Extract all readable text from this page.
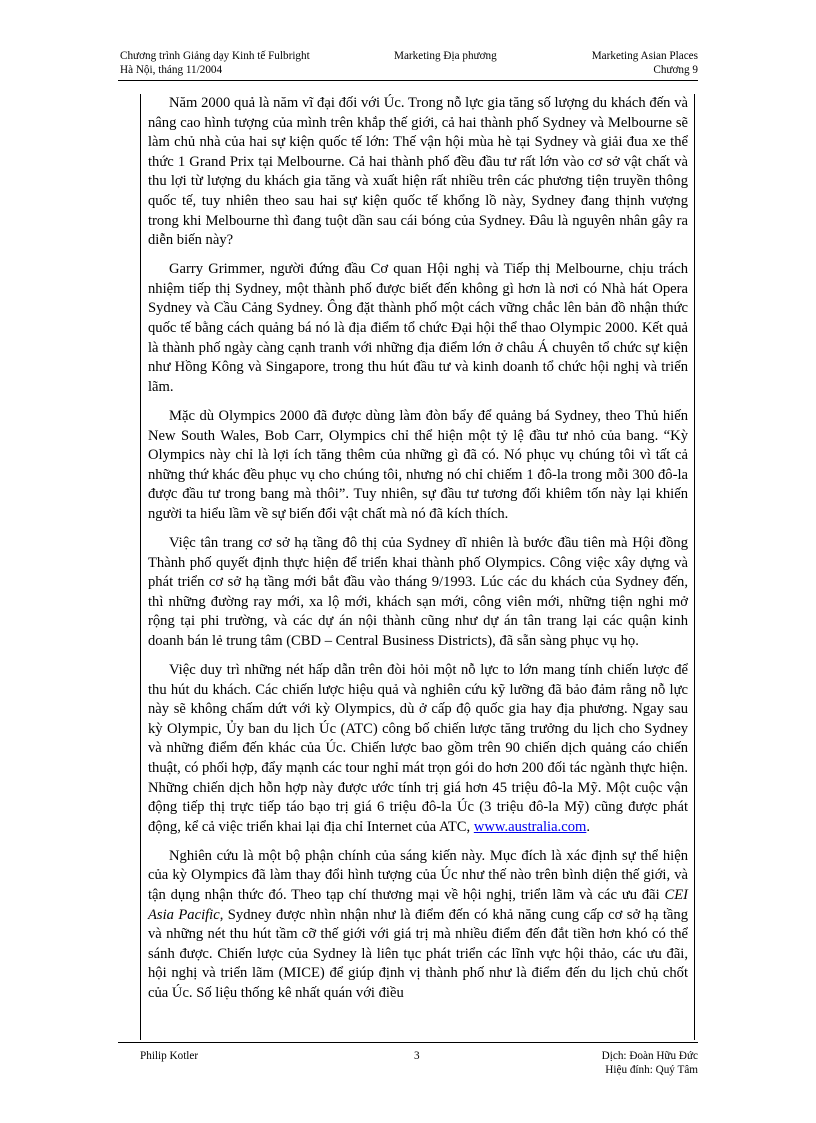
Chương trình Giảng dạy Kinh tế Fulbright
Hà Nội, tháng 11/2004
Marketing Địa phương	Marketing Asian Places
Chương 9

Năm 2000 quả là năm vĩ đại đối với Úc. Trong nỗ lực gia tăng số lượng du khách đến và nâng cao hình tượng của mình trên khắp thế giới, cả hai thành phố Sydney và Melbourne sẽ làm chủ nhà của hai sự kiện quốc tế lớn: Thế vận hội mùa hè tại Sydney và giải đua xe thể thức 1 Grand Prix tại Melbourne. Cả hai thành phố đều đầu tư rất lớn vào cơ sở vật chất và thu lợi từ lượng du khách gia tăng và xuất hiện rất nhiều trên các phương tiện truyền thông quốc tế, tuy nhiên theo sau hai sự kiện quốc tế khổng lồ này, Sydney đang thịnh vượng trong khi Melbourne thì đang tuột dần sau cái bóng của Sydney. Đâu là nguyên nhân gây ra diễn biến này?

Garry Grimmer, người đứng đầu Cơ quan Hội nghị và Tiếp thị Melbourne, chịu trách nhiệm tiếp thị Sydney, một thành phố được biết đến không gì hơn là nơi có Nhà hát Opera Sydney và Cầu Cảng Sydney. Ông đặt thành phố một cách vững chắc lên bản đồ nhận thức quốc tế bằng cách quảng bá nó là địa điểm tổ chức Đại hội thể thao Olympic 2000. Kết quả là thành phố ngày càng cạnh tranh với những địa điểm lớn ở châu Á chuyên tổ chức sự kiện như Hồng Kông và Singapore, trong thu hút đầu tư và kinh doanh tổ chức hội nghị và triển lãm.

Mặc dù Olympics 2000 đã được dùng làm đòn bẩy để quảng bá Sydney, theo Thủ hiến New South Wales, Bob Carr, Olympics chỉ thể hiện một tỷ lệ đầu tư nhỏ của bang. “Kỳ Olympics này chỉ là lợi ích tăng thêm của những gì đã có. Nó phục vụ chúng tôi vì tất cả những thứ khác đều phục vụ cho chúng tôi, nhưng nó chỉ chiếm 1 đô-la trong mỗi 300 đô-la được đầu tư trong bang mà thôi”. Tuy nhiên, sự đầu tư tương đối khiêm tốn này lại khiến người ta hiểu lầm về sự biến đổi vật chất mà nó đã kích thích.

Việc tân trang cơ sở hạ tầng đô thị của Sydney dĩ nhiên là bước đầu tiên mà Hội đồng Thành phố quyết định thực hiện để triển khai thành phố Olympics. Công việc xây dựng và phát triển cơ sở hạ tầng mới bắt đầu vào tháng 9/1993. Lúc các du khách của Sydney đến, thì những đường ray mới, xa lộ mới, khách sạn mới, công viên mới, những tiện nghi mở rộng tại phi trường, và các dự án nội thành cũng như dự án tân trang lại các quận kinh doanh bán lẻ trung tâm (CBD – Central Business Districts), đã sẵn sàng phục vụ họ.

Việc duy trì những nét hấp dẫn trên đòi hỏi một nỗ lực to lớn mang tính chiến lược để thu hút du khách. Các chiến lược hiệu quả và nghiên cứu kỹ lưỡng đã bảo đảm rằng nỗ lực này sẽ không chấm dứt với kỳ Olympics, dù ở cấp độ quốc gia hay địa phương. Ngay sau kỳ Olympic, Ủy ban du lịch Úc (ATC) công bố chiến lược tăng trưởng du lịch cho Sydney và những điểm đến khác của Úc. Chiến lược bao gồm trên 90 chiến dịch quảng cáo chiến thuật, có phối hợp, đẩy mạnh các tour nghỉ mát trọn gói do hơn 200 đối tác ngành thực hiện. Những chiến dịch hỗn hợp này được ước tính trị giá hơn 45 triệu đô-la Mỹ. Một cuộc vận động tiếp thị trực tiếp táo bạo trị giá 6 triệu đô-la Úc (3 triệu đô-la Mỹ) cũng được phát động, kể cả việc triển khai lại địa chỉ Internet của ATC, www.australia.com.

Nghiên cứu là một bộ phận chính của sáng kiến này. Mục đích là xác định sự thể hiện của kỳ Olympics đã làm thay đổi hình tượng của Úc như thế nào trên bình diện thế giới, và tận dụng nhận thức đó. Theo tạp chí thương mại về hội nghị, triển lãm và các ưu đãi CEI Asia Pacific, Sydney được nhìn nhận như là điểm đến có khả năng cung cấp cơ sở hạ tầng và những nét thu hút tầm cỡ thế giới với giá trị mà nhiều điểm đến đắt tiền hơn khó có thể sánh được. Chiến lược của Sydney là liên tục phát triển các lĩnh vực hội thảo, các ưu đãi, hội nghị và triển lãm (MICE) để giúp định vị thành phố như là điểm đến du lịch chủ chốt của Úc. Số liệu thống kê nhất quán với điều

Philip Kotler	3	Dịch: Đoàn Hữu Đức
Hiệu đính: Quý Tâm
